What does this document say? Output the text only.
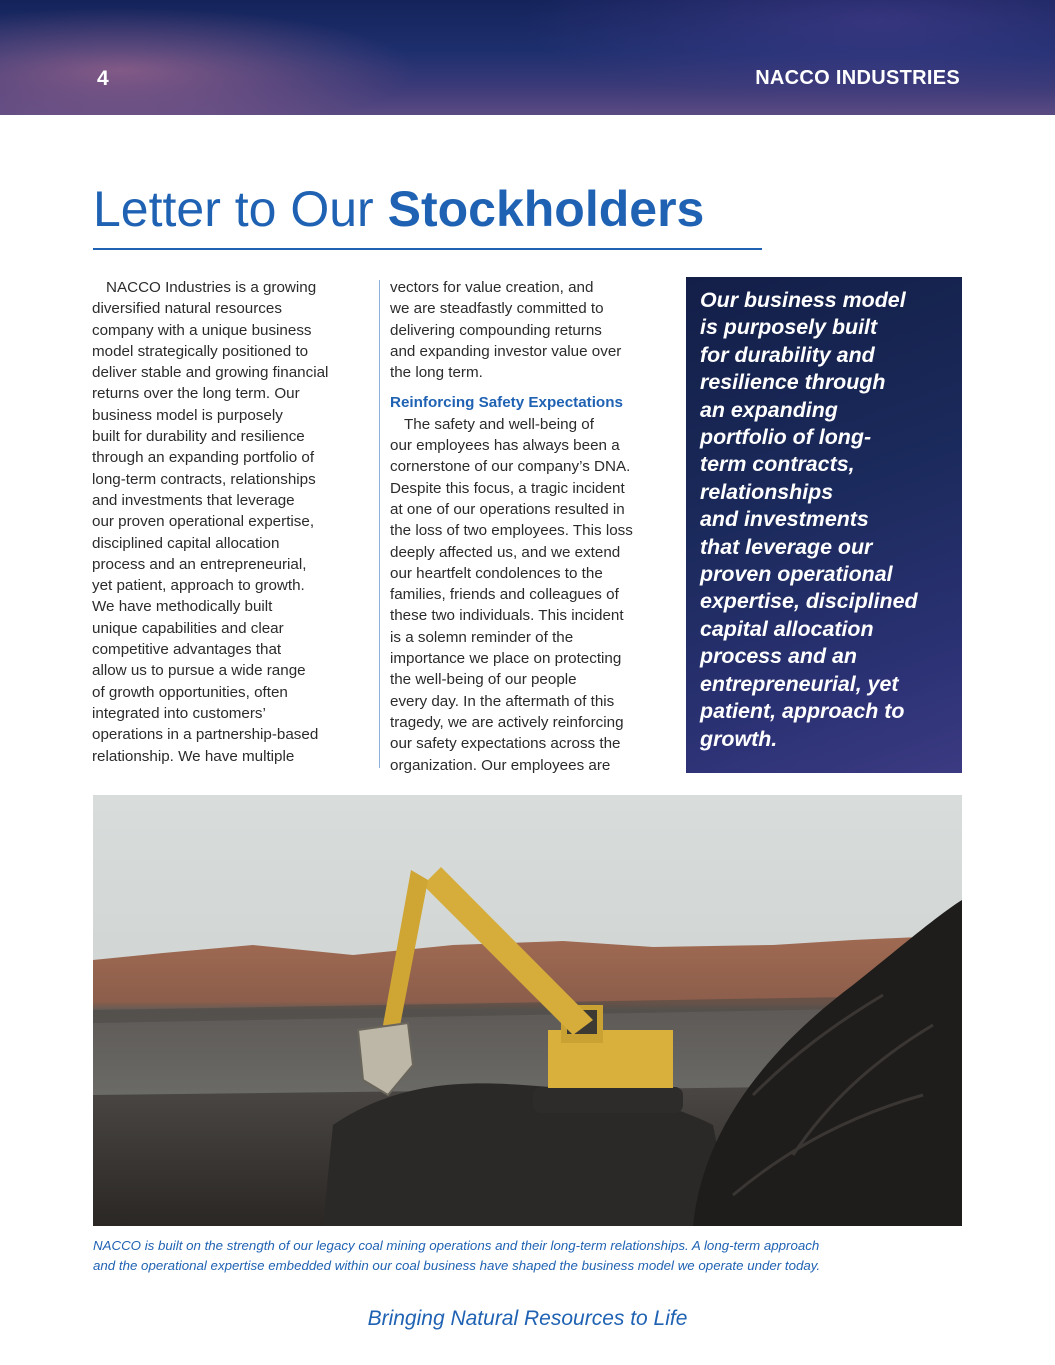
4	NACCO INDUSTRIES
Letter to Our Stockholders

NACCO Industries is a growing
diversified natural resources
company with a unique business
model strategically positioned to
deliver stable and growing financial
returns over the long term. Our
business model is purposely
built for durability and resilience
through an expanding portfolio of
long-term contracts, relationships
and investments that leverage
our proven operational expertise,
disciplined capital allocation
process and an entrepreneurial,
yet patient, approach to growth.
We have methodically built
unique capabilities and clear
competitive advantages that
allow us to pursue a wide range
of growth opportunities, often
integrated into customers’
operations in a partnership-based
relationship. We have multiple

vectors for value creation, and
we are steadfastly committed to
delivering compounding returns
and expanding investor value over
the long term.

Reinforcing Safety Expectations

The safety and well-being of
our employees has always been a
cornerstone of our company’s DNA.
Despite this focus, a tragic incident
at one of our operations resulted in
the loss of two employees. This loss
deeply affected us, and we extend
our heartfelt condolences to the
families, friends and colleagues of
these two individuals. This incident
is a solemn reminder of the
importance we place on protecting
the well-being of our people
every day. In the aftermath of this
tragedy, we are actively reinforcing
our safety expectations across the
organization. Our employees are

Our business model
is purposely built
for durability and
resilience through
an expanding
portfolio of long-
term contracts,
relationships
and investments
that leverage our
proven operational
expertise, disciplined
capital allocation
process and an
entrepreneurial, yet
patient, approach to
growth.

NACCO is built on the strength of our legacy coal mining operations and their long-term relationships. A long-term approach
and the operational expertise embedded within our coal business have shaped the business model we operate under today.

Bringing Natural Resources to Life
